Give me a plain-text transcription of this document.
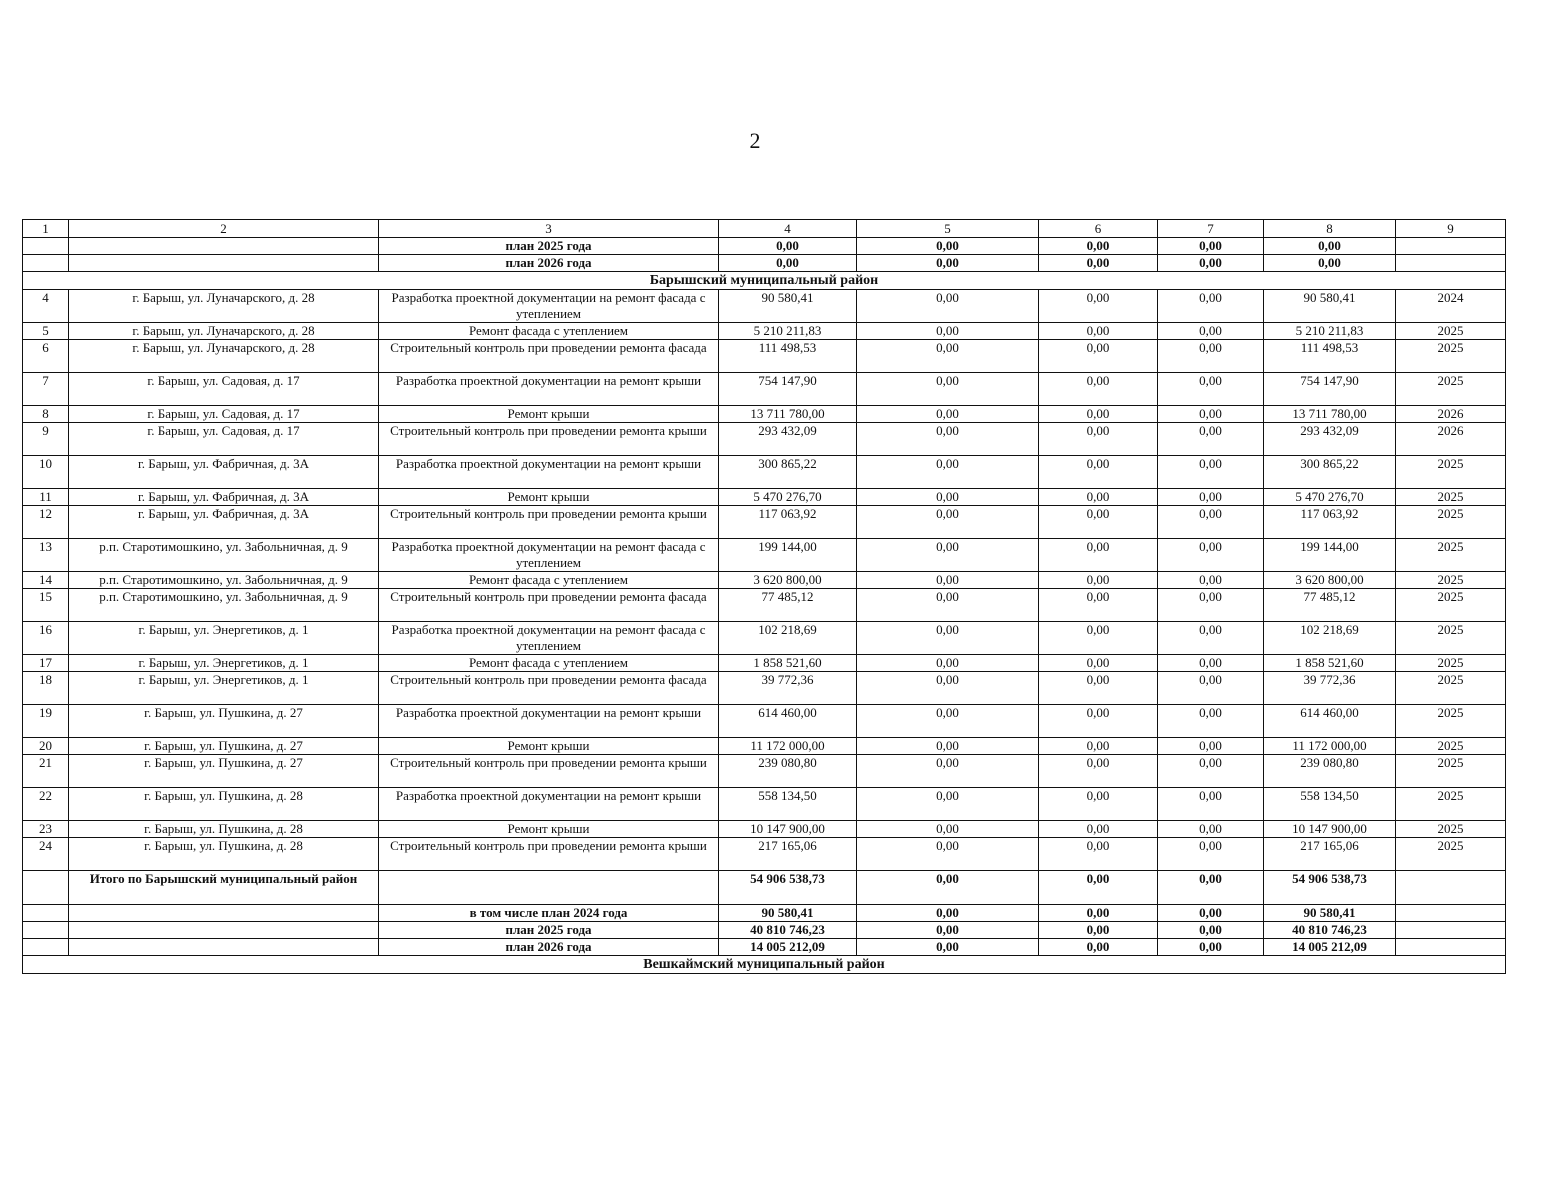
2
1	2	3	4	5	6	7	8	9
		план 2025 года	0,00	0,00	0,00	0,00	0,00	
		план 2026 года	0,00	0,00	0,00	0,00	0,00	
Барышский муниципальный район								
4	г. Барыш, ул. Луначарского, д. 28	Разработка проектной документации на ремонт фасада с утеплением	90 580,41	0,00	0,00	0,00	90 580,41	2024
5	г. Барыш, ул. Луначарского, д. 28	Ремонт фасада с утеплением	5 210 211,83	0,00	0,00	0,00	5 210 211,83	2025
6	г. Барыш, ул. Луначарского, д. 28	Строительный контроль при проведении ремонта фасада	111 498,53	0,00	0,00	0,00	111 498,53	2025
7	г. Барыш, ул. Садовая, д. 17	Разработка проектной документации на ремонт крыши	754 147,90	0,00	0,00	0,00	754 147,90	2025
8	г. Барыш, ул. Садовая, д. 17	Ремонт крыши	13 711 780,00	0,00	0,00	0,00	13 711 780,00	2026
9	г. Барыш, ул. Садовая, д. 17	Строительный контроль при проведении ремонта крыши	293 432,09	0,00	0,00	0,00	293 432,09	2026
10	г. Барыш, ул. Фабричная, д. 3А	Разработка проектной документации на ремонт крыши	300 865,22	0,00	0,00	0,00	300 865,22	2025
11	г. Барыш, ул. Фабричная, д. 3А	Ремонт крыши	5 470 276,70	0,00	0,00	0,00	5 470 276,70	2025
12	г. Барыш, ул. Фабричная, д. 3А	Строительный контроль при проведении ремонта крыши	117 063,92	0,00	0,00	0,00	117 063,92	2025
13	р.п. Старотимошкино, ул. Забольничная, д. 9	Разработка проектной документации на ремонт фасада с утеплением	199 144,00	0,00	0,00	0,00	199 144,00	2025
14	р.п. Старотимошкино, ул. Забольничная, д. 9	Ремонт фасада с утеплением	3 620 800,00	0,00	0,00	0,00	3 620 800,00	2025
15	р.п. Старотимошкино, ул. Забольничная, д. 9	Строительный контроль при проведении ремонта фасада	77 485,12	0,00	0,00	0,00	77 485,12	2025
16	г. Барыш, ул. Энергетиков, д. 1	Разработка проектной документации на ремонт фасада с утеплением	102 218,69	0,00	0,00	0,00	102 218,69	2025
17	г. Барыш, ул. Энергетиков, д. 1	Ремонт фасада с утеплением	1 858 521,60	0,00	0,00	0,00	1 858 521,60	2025
18	г. Барыш, ул. Энергетиков, д. 1	Строительный контроль при проведении ремонта фасада	39 772,36	0,00	0,00	0,00	39 772,36	2025
19	г. Барыш, ул. Пушкина, д. 27	Разработка проектной документации на ремонт крыши	614 460,00	0,00	0,00	0,00	614 460,00	2025
20	г. Барыш, ул. Пушкина, д. 27	Ремонт крыши	11 172 000,00	0,00	0,00	0,00	11 172 000,00	2025
21	г. Барыш, ул. Пушкина, д. 27	Строительный контроль при проведении ремонта крыши	239 080,80	0,00	0,00	0,00	239 080,80	2025
22	г. Барыш, ул. Пушкина, д. 28	Разработка проектной документации на ремонт крыши	558 134,50	0,00	0,00	0,00	558 134,50	2025
23	г. Барыш, ул. Пушкина, д. 28	Ремонт крыши	10 147 900,00	0,00	0,00	0,00	10 147 900,00	2025
24	г. Барыш, ул. Пушкина, д. 28	Строительный контроль при проведении ремонта крыши	217 165,06	0,00	0,00	0,00	217 165,06	2025
	Итого по Барышский муниципальный район		54 906 538,73	0,00	0,00	0,00	54 906 538,73	
		в том числе план 2024 года	90 580,41	0,00	0,00	0,00	90 580,41	
		план 2025 года	40 810 746,23	0,00	0,00	0,00	40 810 746,23	
		план 2026 года	14 005 212,09	0,00	0,00	0,00	14 005 212,09	
Вешкаймский муниципальный район								
